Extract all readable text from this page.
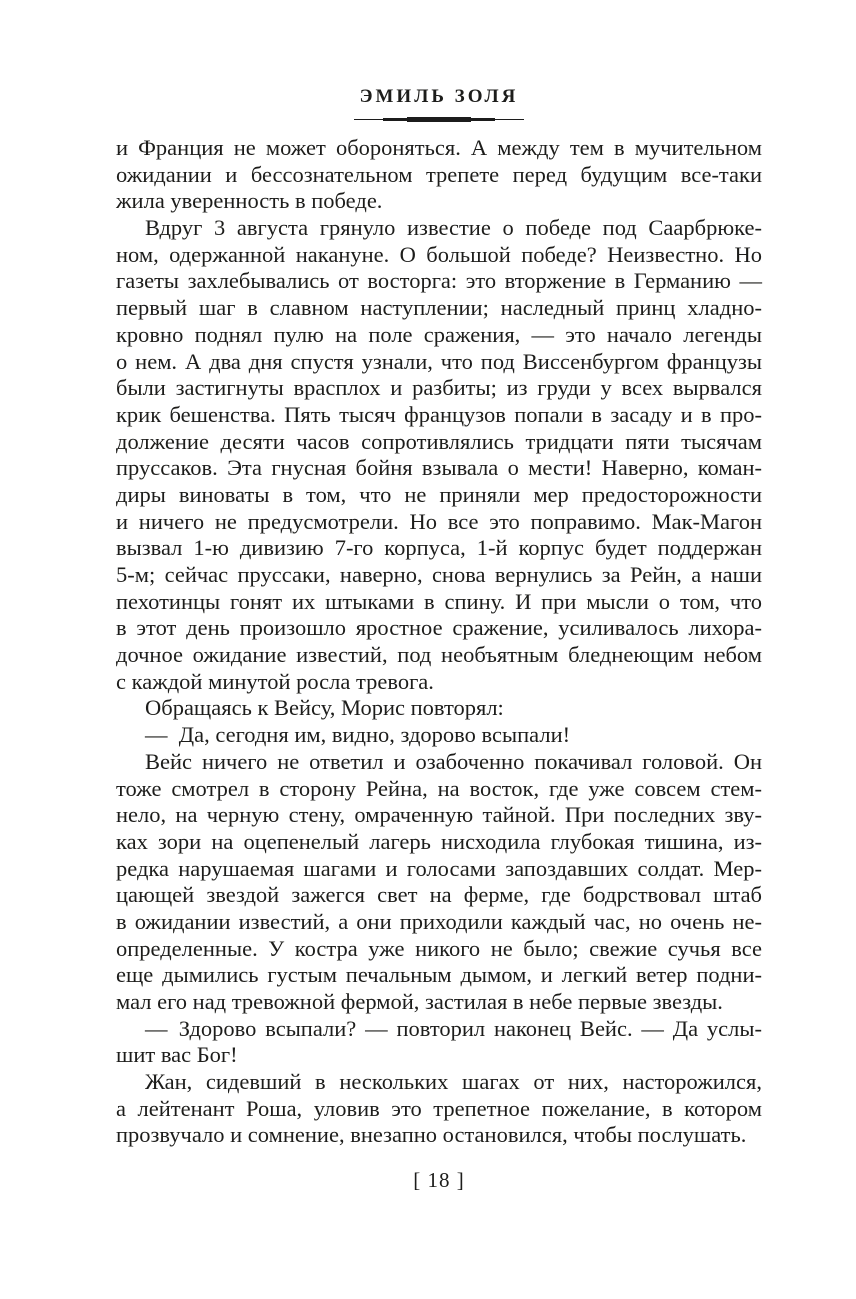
ЭМИЛЬ ЗОЛЯ
и Франция не может обороняться. А между тем в мучительном
ожидании и бессознательном трепете перед будущим все-таки
жила уверенность в победе.
Вдруг 3 августа грянуло известие о победе под Саарбрюке-
ном, одержанной накануне. О большой победе? Неизвестно. Но
газеты захлебывались от восторга: это вторжение в Германию —
первый шаг в славном наступлении; наследный принц хладно-
кровно поднял пулю на поле сражения, — это начало легенды
о нем. А два дня спустя узнали, что под Виссенбургом французы
были застигнуты врасплох и разбиты; из груди у всех вырвался
крик бешенства. Пять тысяч французов попали в засаду и в про-
должение десяти часов сопротивлялись тридцати пяти тысячам
пруссаков. Эта гнусная бойня взывала о мести! Наверно, коман-
диры виноваты в том, что не приняли мер предосторожности
и ничего не предусмотрели. Но все это поправимо. Мак-Магон
вызвал 1-ю дивизию 7-го корпуса, 1-й корпус будет поддержан
5-м; сейчас пруссаки, наверно, снова вернулись за Рейн, а наши
пехотинцы гонят их штыками в спину. И при мысли о том, что
в этот день произошло яростное сражение, усиливалось лихора-
дочное ожидание известий, под необъятным бледнеющим небом
с каждой минутой росла тревога.
Обращаясь к Вейсу, Морис повторял:
— Да, сегодня им, видно, здорово всыпали!
Вейс ничего не ответил и озабоченно покачивал головой. Он
тоже смотрел в сторону Рейна, на восток, где уже совсем стем-
нело, на черную стену, омраченную тайной. При последних зву-
ках зори на оцепенелый лагерь нисходила глубокая тишина, из-
редка нарушаемая шагами и голосами запоздавших солдат. Мер-
цающей звездой зажегся свет на ферме, где бодрствовал штаб
в ожидании известий, а они приходили каждый час, но очень не-
определенные. У костра уже никого не было; свежие сучья все
еще дымились густым печальным дымом, и легкий ветер подни-
мал его над тревожной фермой, застилая в небе первые звезды.
— Здорово всыпали? — повторил наконец Вейс. — Да услы-
шит вас Бог!
Жан, сидевший в нескольких шагах от них, насторожился,
а лейтенант Роша, уловив это трепетное пожелание, в котором
прозвучало и сомнение, внезапно остановился, чтобы послушать.
[ 18 ]
